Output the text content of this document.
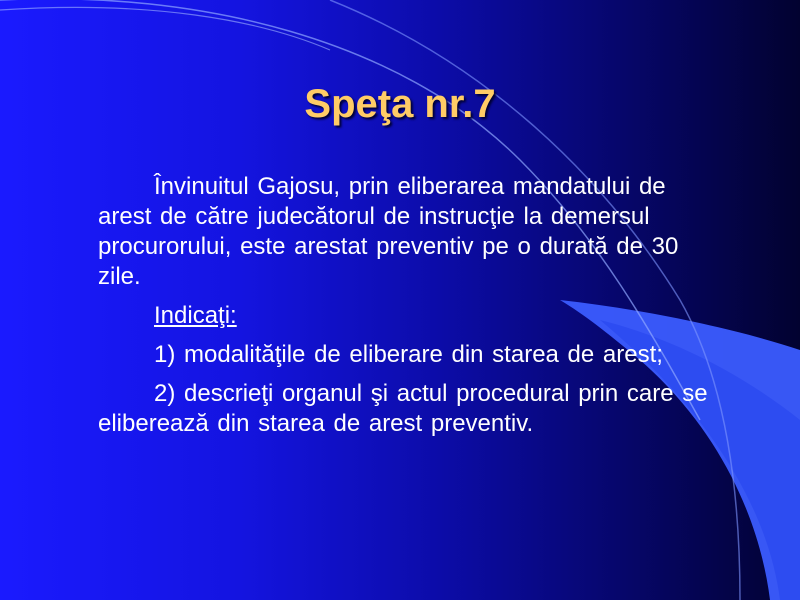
Speţa nr.7

Învinuitul Gajosu, prin eliberarea mandatului de arest de către judecătorul de instrucţie la demersul procurorului, este arestat preventiv pe o durată de 30 zile.

Indicaţi:

1) modalităţile de eliberare din starea de arest;

2) descrieţi organul şi actul procedural prin care se eliberează din starea de arest preventiv.
